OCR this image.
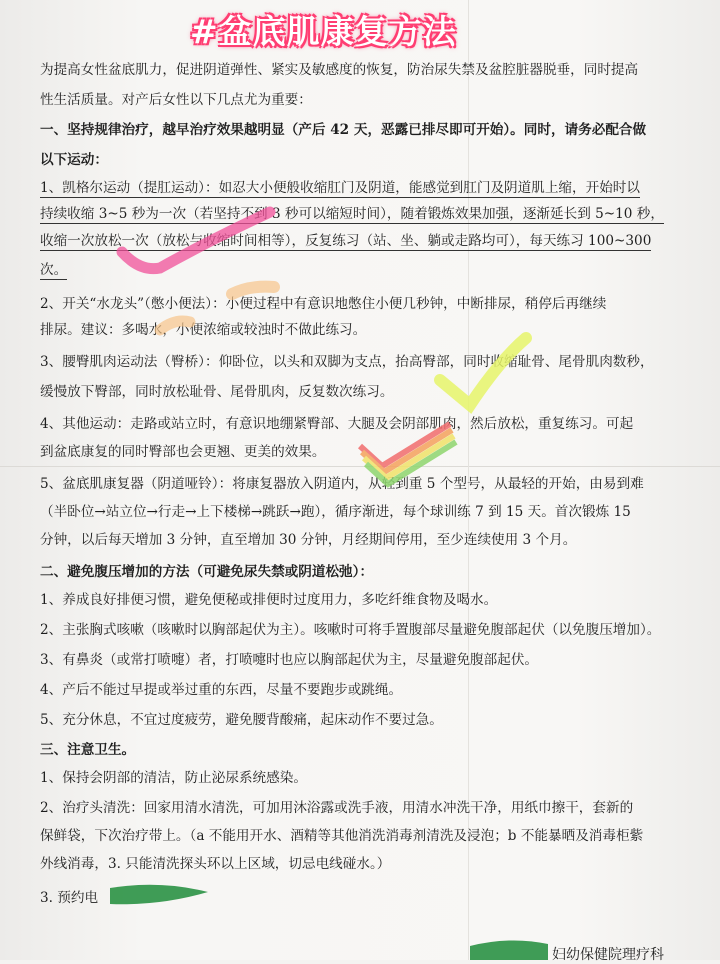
#盆底肌康复方法
为提高女性盆底肌力，促进阴道弹性、紧实及敏感度的恢复，防治尿失禁及盆腔脏器脱垂，同时提高
性生活质量。对产后女性以下几点尤为重要：
一、坚持规律治疗，越早治疗效果越明显（产后 42 天，恶露已排尽即可开始）。同时，请务必配合做
以下运动：
1、凯格尔运动（提肛运动）：如忍大小便般收缩肛门及阴道，能感觉到肛门及阴道肌上缩，开始时以
持续收缩 3~5 秒为一次（若坚持不到 3 秒可以缩短时间），随着锻炼效果加强，逐渐延长到 5~10 秒，
收缩一次放松一次（放松与收缩时间相等），反复练习（站、坐、躺或走路均可），每天练习 100~300
次。
2、开关“水龙头”（憋小便法）：小便过程中有意识地憋住小便几秒钟，中断排尿，稍停后再继续
排尿。建议：多喝水，小便浓缩或较浊时不做此练习。
3、腰臀肌肉运动法（臀桥）：仰卧位，以头和双脚为支点，抬高臀部，同时收缩耻骨、尾骨肌肉数秒，
缓慢放下臀部，同时放松耻骨、尾骨肌肉，反复数次练习。
4、其他运动：走路或站立时，有意识地绷紧臀部、大腿及会阴部肌肉，然后放松，重复练习。可起
到盆底康复的同时臀部也会更翘、更美的效果。
5、盆底肌康复器（阴道哑铃）：将康复器放入阴道内，从轻到重 5 个型号，从最轻的开始，由易到难
（半卧位→站立位→行走→上下楼梯→跳跃→跑），循序渐进，每个球训练 7 到 15 天。首次锻炼 15
分钟，以后每天增加 3 分钟，直至增加 30 分钟，月经期间停用，至少连续使用 3 个月。
二、避免腹压增加的方法（可避免尿失禁或阴道松弛）：
1、养成良好排便习惯，避免便秘或排便时过度用力，多吃纤维食物及喝水。
2、主张胸式咳嗽（咳嗽时以胸部起伏为主）。咳嗽时可将手置腹部尽量避免腹部起伏（以免腹压增加）。
3、有鼻炎（或常打喷嚏）者，打喷嚏时也应以胸部起伏为主，尽量避免腹部起伏。
4、产后不能过早提或举过重的东西，尽量不要跑步或跳绳。
5、充分休息，不宜过度疲劳，避免腰背酸痛，起床动作不要过急。
三、注意卫生。
1、保持会阴部的清洁，防止泌尿系统感染。
2、治疗头清洗：回家用清水清洗，可加用沐浴露或洗手液，用清水冲洗干净，用纸巾擦干，套新的
保鲜袋，下次治疗带上。（a 不能用开水、酒精等其他消洗消毒剂清洗及浸泡；b 不能暴晒及消毒柜紫
外线消毒，3. 只能清洗探头环以上区域，切忌电线碰水。）
3. 预约电
妇幼保健院理疗科
